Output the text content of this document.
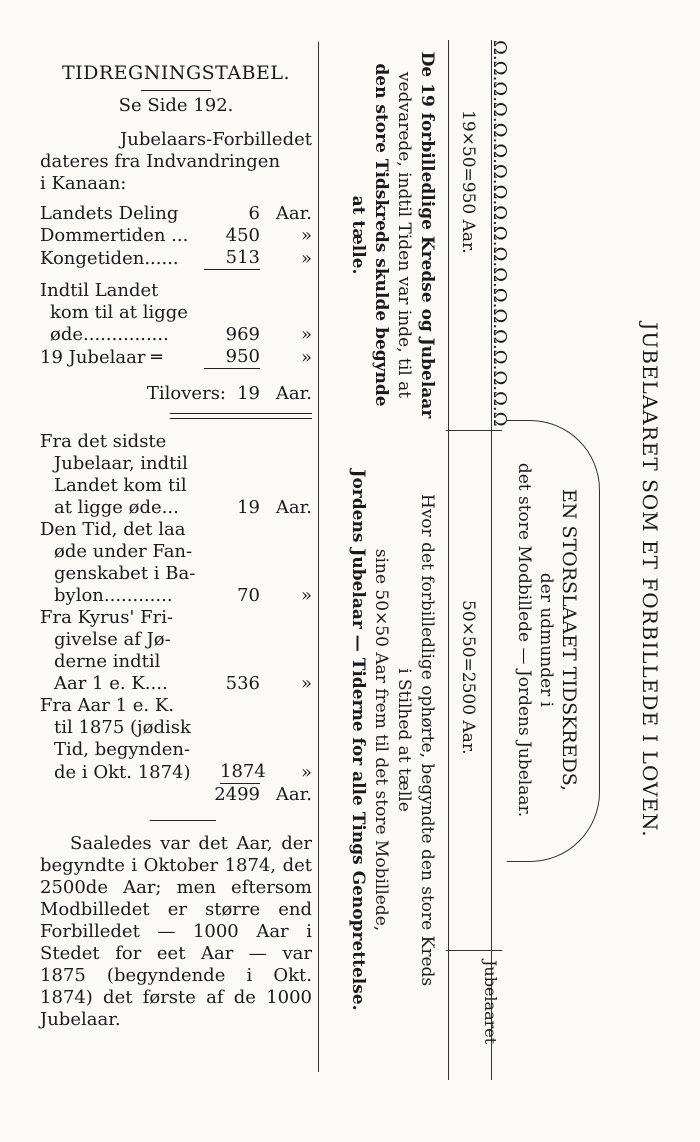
TIDREGNINGSTABEL.
Se Side 192.
Jubelaars-Forbilledet
dateres fra Indvandringen
i Kanaan:
Landets Deling	6 Aar.
Dommertiden ...	450	»
Kongetiden......	513	»
Indtil Landet
kom til at ligge
øde...............	969	»
19 Jubelaar ═	950	»
Tilovers: 19 Aar.
Fra det sidste
Jubelaar, indtil
Landet kom til
at ligge øde...	19 Aar.
Den Tid, det laa
øde under Fan-
genskabet i Ba-
bylon............	70	»
Fra Kyrus' Fri-
givelse af Jø-
derne indtil
Aar 1 e. K....	536	»
Fra Aar 1 e. K.
til 1875 (jødisk
Tid, begynden-
de i Okt. 1874)	1874	»
2499 Aar.
Saaledes var det Aar, der begyndte i Oktober 1874, det 2500de Aar; men eftersom Modbilledet er større end Forbilledet — 1000 Aar i Stedet for eet Aar — var 1875 (begyndende i Okt. 1874) det første af de 1000 Jubelaar.
JUBELAARET SOM ET FORBILLEDE I LOVEN.
EN STORSLAAET TIDSKREDS,
der udmunder i
det store Modbillede — Jordens Jubelaar.
Ω.Ω.Ω.Ω.Ω.Ω.Ω.Ω.Ω.Ω.Ω.Ω.Ω.Ω.Ω.Ω.Ω.Ω.Ω
19×50=950 Aar.
50×50=2500 Aar.
Jubelaaret
De 19 forbilledlige Kredse og Jubelaar
vedvarede, indtil Tiden var inde, til at
den store Tidskreds skulde begynde
at tælle.
Hvor det forbilledlige ophørte, begyndte den store Kreds
i Stilhed at tælle
sine 50×50 Aar frem til det store Mobillede,
Jordens Jubelaar — Tiderne for alle Tings Genoprettelse.
